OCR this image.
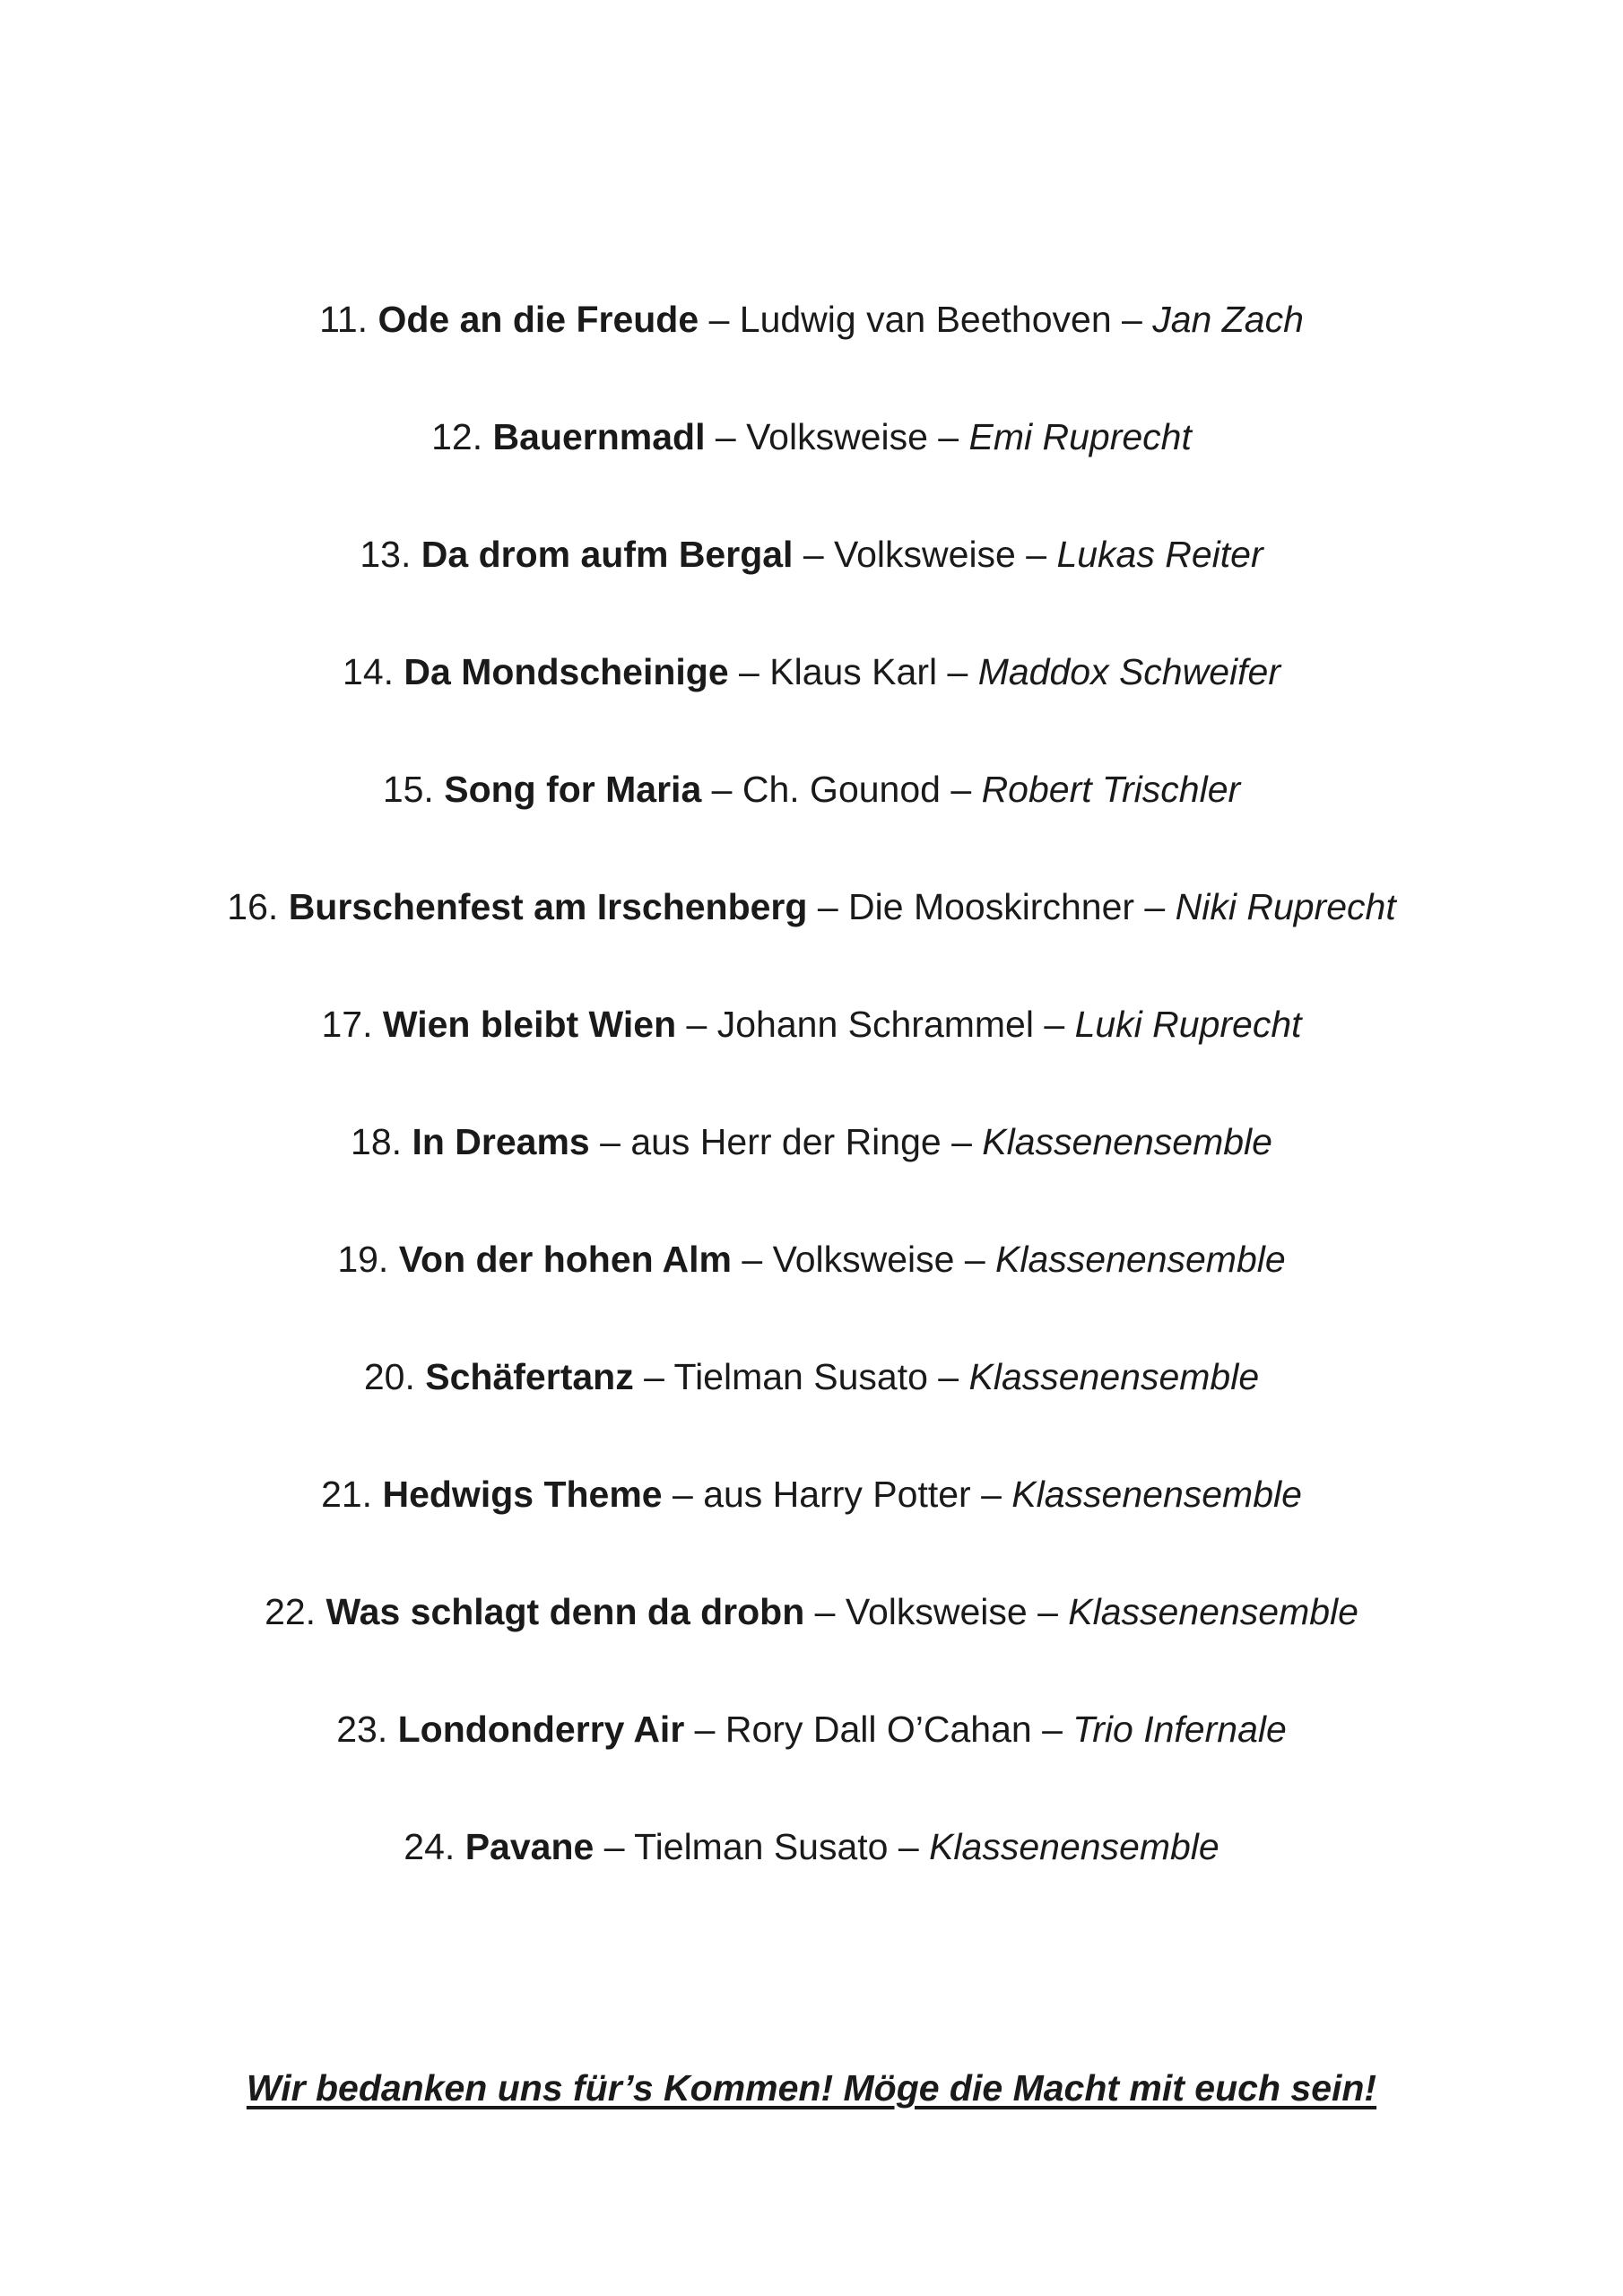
11. Ode an die Freude – Ludwig van Beethoven – Jan Zach
12. Bauernmadl – Volksweise – Emi Ruprecht
13. Da drom aufm Bergal – Volksweise – Lukas Reiter
14. Da Mondscheinige – Klaus Karl – Maddox Schweifer
15. Song for Maria – Ch. Gounod – Robert Trischler
16. Burschenfest am Irschenberg – Die Mooskirchner – Niki Ruprecht
17. Wien bleibt Wien – Johann Schrammel – Luki Ruprecht
18. In Dreams – aus Herr der Ringe – Klassenensemble
19. Von der hohen Alm – Volksweise – Klassenensemble
20. Schäfertanz – Tielman Susato – Klassenensemble
21. Hedwigs Theme – aus Harry Potter – Klassenensemble
22. Was schlagt denn da drobn – Volksweise – Klassenensemble
23. Londonderry Air – Rory Dall O’Cahan – Trio Infernale
24. Pavane – Tielman Susato – Klassenensemble

Wir bedanken uns für’s Kommen! Möge die Macht mit euch sein!
